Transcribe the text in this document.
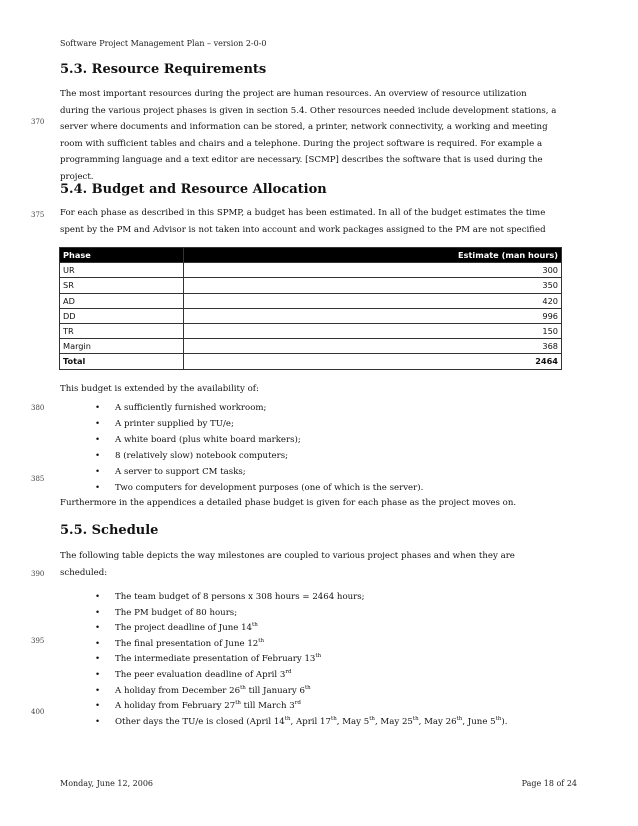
Software Project Management Plan – version 2-0-0
370
375
380
385
390
395
400
5.3. Resource Requirements
The most important resources during the project are human resources. An overview of resource utilization
during the various project phases is given in section 5.4. Other resources needed include development stations, a
server where documents and information can be stored, a printer, network connectivity, a working and meeting
room with sufficient tables and chairs and a telephone. During the project software is required. For example a
programming language and a text editor are necessary. [SCMP] describes the software that is used during the
project.
5.4. Budget and Resource Allocation
For each phase as described in this SPMP, a budget has been estimated. In all of the budget estimates the time
spent by the PM and Advisor is not taken into account and work packages assigned to the PM are not specified
Phase	Estimate (man hours)
UR	300
SR	350
AD	420
DD	996
TR	150
Margin	368
Total	2464
This budget is extended by the availability of:
• A sufficiently furnished workroom;
• A printer supplied by TU/e;
• A white board (plus white board markers);
• 8 (relatively slow) notebook computers;
• A server to support CM tasks;
• Two computers for development purposes (one of which is the server).
Furthermore in the appendices a detailed phase budget is given for each phase as the project moves on.
5.5. Schedule
The following table depicts the way milestones are coupled to various project phases and when they are
scheduled:
• The team budget of 8 persons x 308 hours = 2464 hours;
• The PM budget of 80 hours;
• The project deadline of June 14th
• The final presentation of June 12th
• The intermediate presentation of February 13th
• The peer evaluation deadline of April 3rd
• A holiday from December 26th till January 6th
• A holiday from February 27th till March 3rd
• Other days the TU/e is closed (April 14th, April 17th, May 5th, May 25th, May 26th, June 5th).
Monday, June 12, 2006	Page 18 of 24
